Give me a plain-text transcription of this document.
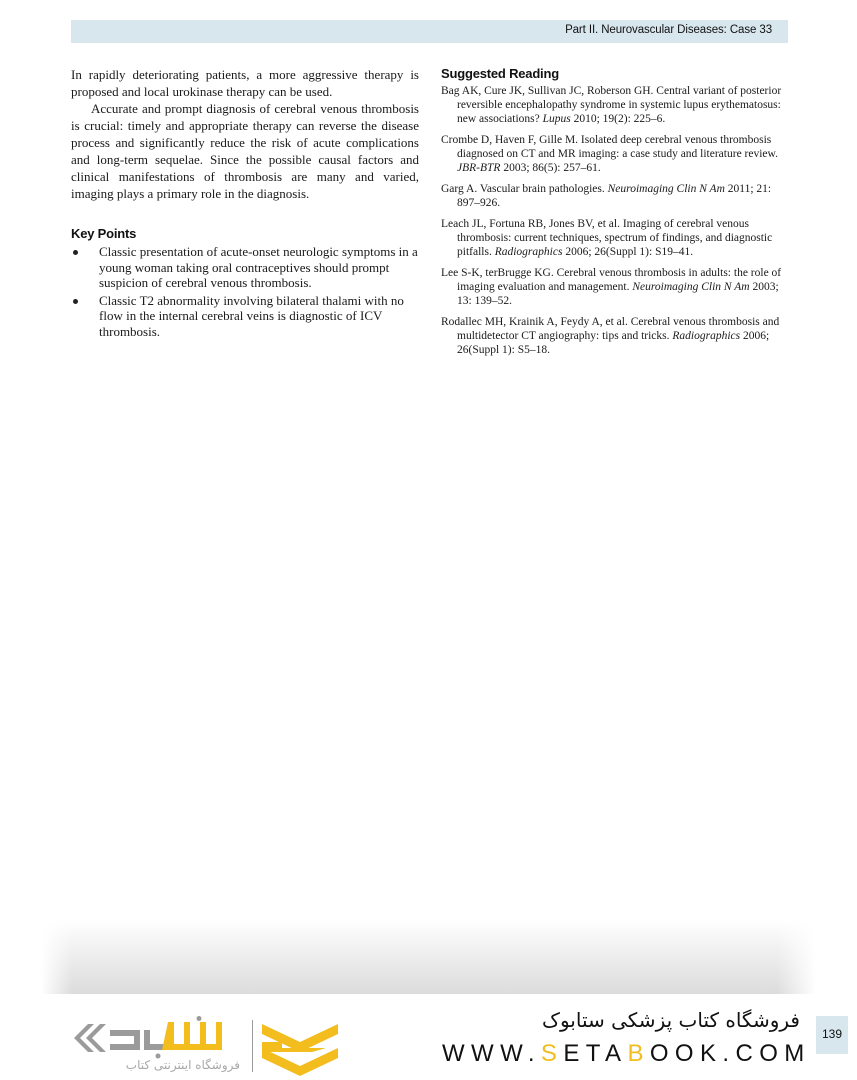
Part II. Neurovascular Diseases: Case 33

In rapidly deteriorating patients, a more aggressive therapy is proposed and local urokinase therapy can be used.

Accurate and prompt diagnosis of cerebral venous thrombosis is crucial: timely and appropriate therapy can reverse the disease process and significantly reduce the risk of acute complications and long-term sequelae. Since the possible causal factors and clinical manifestations of thrombosis are many and varied, imaging plays a primary role in the diagnosis.

Key Points
Classic presentation of acute-onset neurologic symptoms in a young woman taking oral contraceptives should prompt suspicion of cerebral venous thrombosis.
Classic T2 abnormality involving bilateral thalami with no flow in the internal cerebral veins is diagnostic of ICV thrombosis.
Suggested Reading

Bag AK, Cure JK, Sullivan JC, Roberson GH. Central variant of posterior reversible encephalopathy syndrome in systemic lupus erythematosus: new associations? Lupus 2010; 19(2): 225–6.

Crombe D, Haven F, Gille M. Isolated deep cerebral venous thrombosis diagnosed on CT and MR imaging: a case study and literature review. JBR-BTR 2003; 86(5): 257–61.

Garg A. Vascular brain pathologies. Neuroimaging Clin N Am 2011; 21: 897–926.

Leach JL, Fortuna RB, Jones BV, et al. Imaging of cerebral venous thrombosis: current techniques, spectrum of findings, and diagnostic pitfalls. Radiographics 2006; 26(Suppl 1): S19–41.

Lee S-K, terBrugge KG. Cerebral venous thrombosis in adults: the role of imaging evaluation and management. Neuroimaging Clin N Am 2003; 13: 139–52.

Rodallec MH, Krainik A, Feydy A, et al. Cerebral venous thrombosis and multidetector CT angiography: tips and tricks. Radiographics 2006; 26(Suppl 1): S5–18.

فروشگاه اینترنتی کتاب
فروشگاه کتاب پزشکی ستابوک
WWW.SETABOOK.COM
139
